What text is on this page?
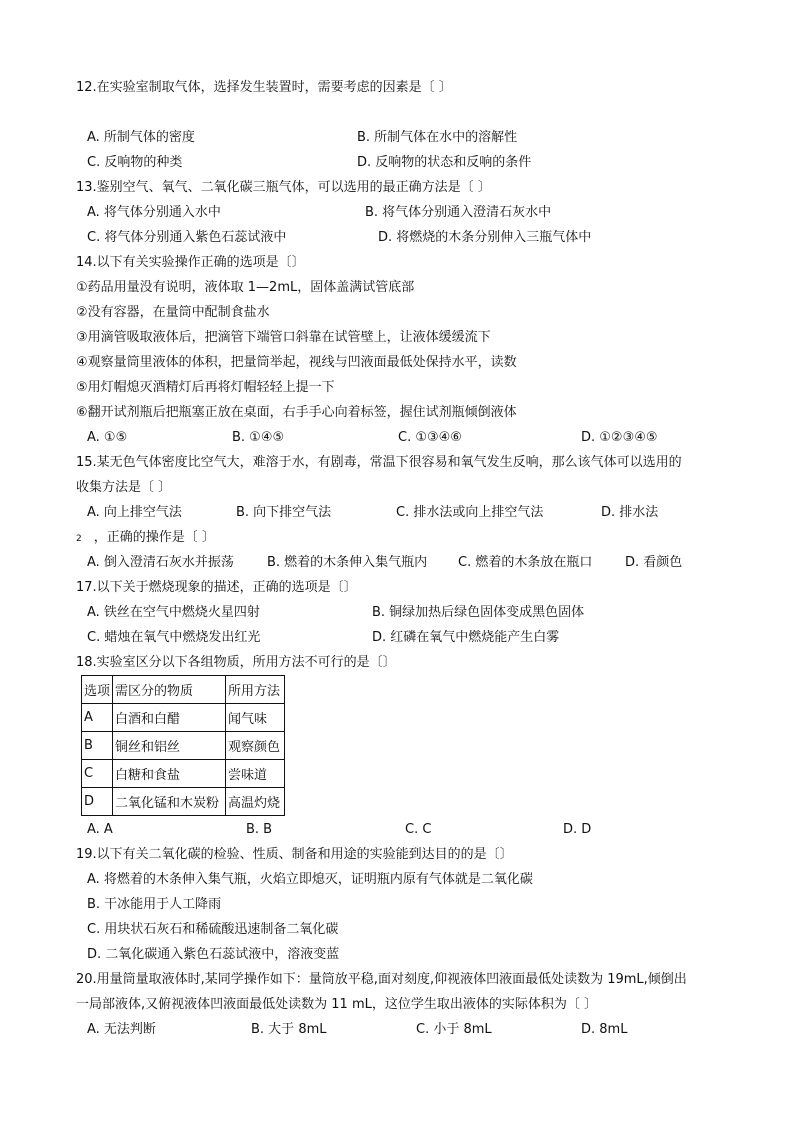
12.在实验室制取气体，选择发生装置时，需要考虑的因素是〔 〕
A. 所制气体的密度	B. 所制气体在水中的溶解性
C. 反响物的种类	D. 反响物的状态和反响的条件
13.鉴别空气、氧气、二氧化碳三瓶气体，可以选用的最正确方法是〔 〕
A. 将气体分别通入水中	B. 将气体分别通入澄清石灰水中
C. 将气体分别通入紫色石蕊试液中	D. 将燃烧的木条分别伸入三瓶气体中
14.以下有关实验操作正确的选项是〔〕
①药品用量没有说明，液体取 1—2mL，固体盖满试管底部
②没有容器，在量筒中配制食盐水
③用滴管吸取液体后，把滴管下端管口斜靠在试管壁上，让液体缓缓流下
④观察量筒里液体的体积，把量筒举起，视线与凹液面最低处保持水平，读数
⑤用灯帽熄灭酒精灯后再将灯帽轻轻上提一下
⑥翻开试剂瓶后把瓶塞正放在桌面，右手手心向着标签，握住试剂瓶倾倒液体
A. ①⑤	B. ①④⑤	C. ①③④⑥	D. ①②③④⑤
15.某无色气体密度比空气大，难溶于水，有剧毒，常温下很容易和氧气发生反响，那么该气体可以选用的
收集方法是〔 〕
A. 向上排空气法	B. 向下排空气法	C. 排水法或向上排空气法	D. 排水法
2 ，正确的操作是〔 〕
A. 倒入澄清石灰水并振荡	B. 燃着的木条伸入集气瓶内 C. 燃着的木条放在瓶口	D. 看颜色
17.以下关于燃烧现象的描述，正确的选项是〔〕
A. 铁丝在空气中燃烧火星四射	B. 铜绿加热后绿色固体变成黑色固体
C. 蜡烛在氧气中燃烧发出红光	D. 红磷在氧气中燃烧能产生白雾
18.实验室区分以下各组物质，所用方法不可行的是〔〕
选项	需区分的物质	所用方法
A	白酒和白醋	闻气味
B	铜丝和铝丝	观察颜色
C	白糖和食盐	尝味道
D	二氧化锰和木炭粉	高温灼烧
A. A	B. B	C. C	D. D
19.以下有关二氧化碳的检验、性质、制备和用途的实验能到达目的的是〔〕
A. 将燃着的木条伸入集气瓶，火焰立即熄灭，证明瓶内原有气体就是二氧化碳
B. 干冰能用于人工降雨
C. 用块状石灰石和稀硫酸迅速制备二氧化碳
D. 二氧化碳通入紫色石蕊试液中，溶液变蓝
20.用量筒量取液体时,某同学操作如下：量筒放平稳,面对刻度,仰视液体凹液面最低处读数为 19mL,倾倒出
一局部液体,又俯视液体凹液面最低处读数为 11 mL，这位学生取出液体的实际体积为〔 〕
A. 无法判断	B. 大于 8mL	C. 小于 8mL	D. 8mL
